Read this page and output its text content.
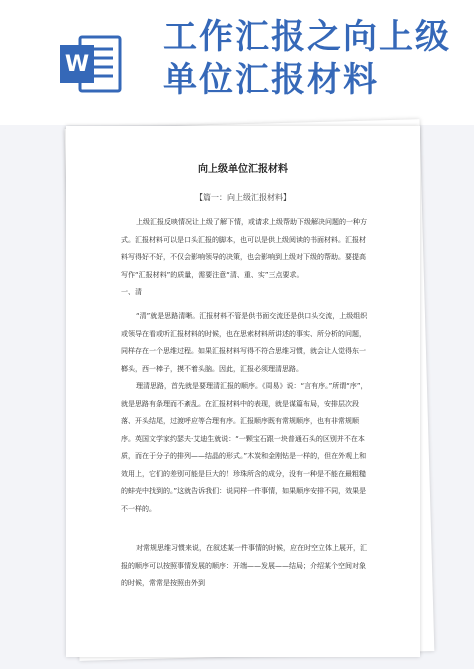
W
工作汇报之向上级
单位汇报材料
向上级单位汇报材料
【篇一：向上级汇报材料】

上级汇报反映情况让上级了解下情，或请求上级帮助下级解决问题的一种方式。汇报材料可以是口头汇报的脚本，也可以是供上级阅读的书面材料。汇报材料写得好不好，不仅会影响领导的决策，也会影响到上级对下级的帮助。要提高写作“汇报材料”的质量，需要注意“清、重、实”三点要求。

一、清

“清”就是思路清晰。汇报材料不管是供书面交流还是供口头交流，上级组织或领导在看或听汇报材料的时候，也在思索材料所讲述的事实、所分析的问题，同样存在一个思维过程。如果汇报材料写得不符合思维习惯，就会让人觉得东一榔头，西一棒子，摸不着头脑。因此，汇报必须理清思路。

理清思路，首先就是要理清汇报的顺序。《周易》说：“言有序。”所谓“序”，就是思路有条理而不紊乱。在汇报材料中的表现，就是谋篇布局，安排层次段落、开头结尾，过渡呼应等合理有序。汇报顺序既有常规顺序，也有非常规顺序。英国文学家约瑟夫·艾迪生就说：“一颗宝石跟一块普通石头的区别并不在本质，而在于分子的排列——结晶的形式。”木炭和金刚钻是一样的，但在外观上和效用上，它们的差别可能是巨大的！珍珠所含的成分，没有一种是不能在最粗糙的蚌壳中找到的。”这就告诉我们：说同样一件事情，如果顺序安排不同，效果是不一样的。

对常规思维习惯来说，在叙述某一件事情的时候，应在时空立体上展开，汇报的顺序可以按照事情发展的顺序：开端——发展——结局；介绍某个空间对象的时候，常常是按照由外到
